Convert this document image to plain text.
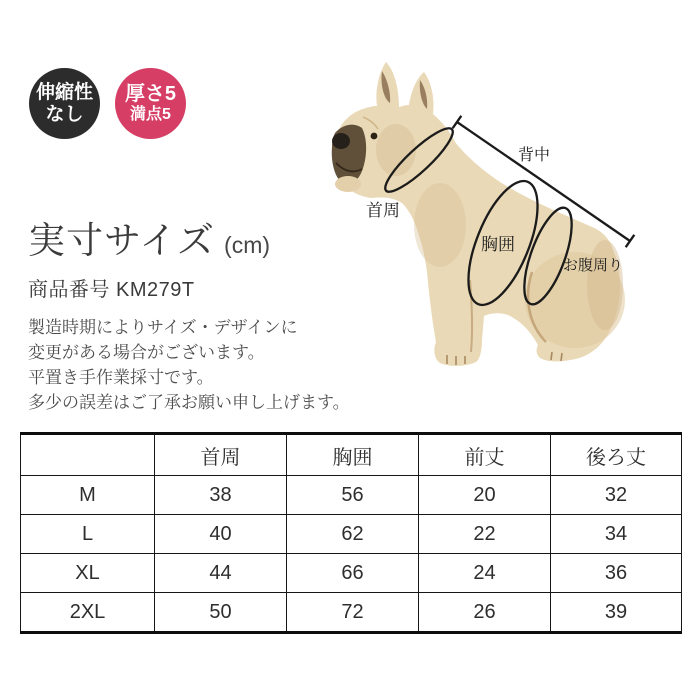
伸縮性
なし
厚さ5
満点5
首周
背中
胸囲
お腹周り
実寸サイズ (cm)
商品番号 KM279T
製造時期によりサイズ・デザインに
変更がある場合がございます。
平置き手作業採寸です。
多少の誤差はご了承お願い申し上げます。
	首周	胸囲	前丈	後ろ丈
M	38	56	20	32
L	40	62	22	34
XL	44	66	24	36
2XL	50	72	26	39
